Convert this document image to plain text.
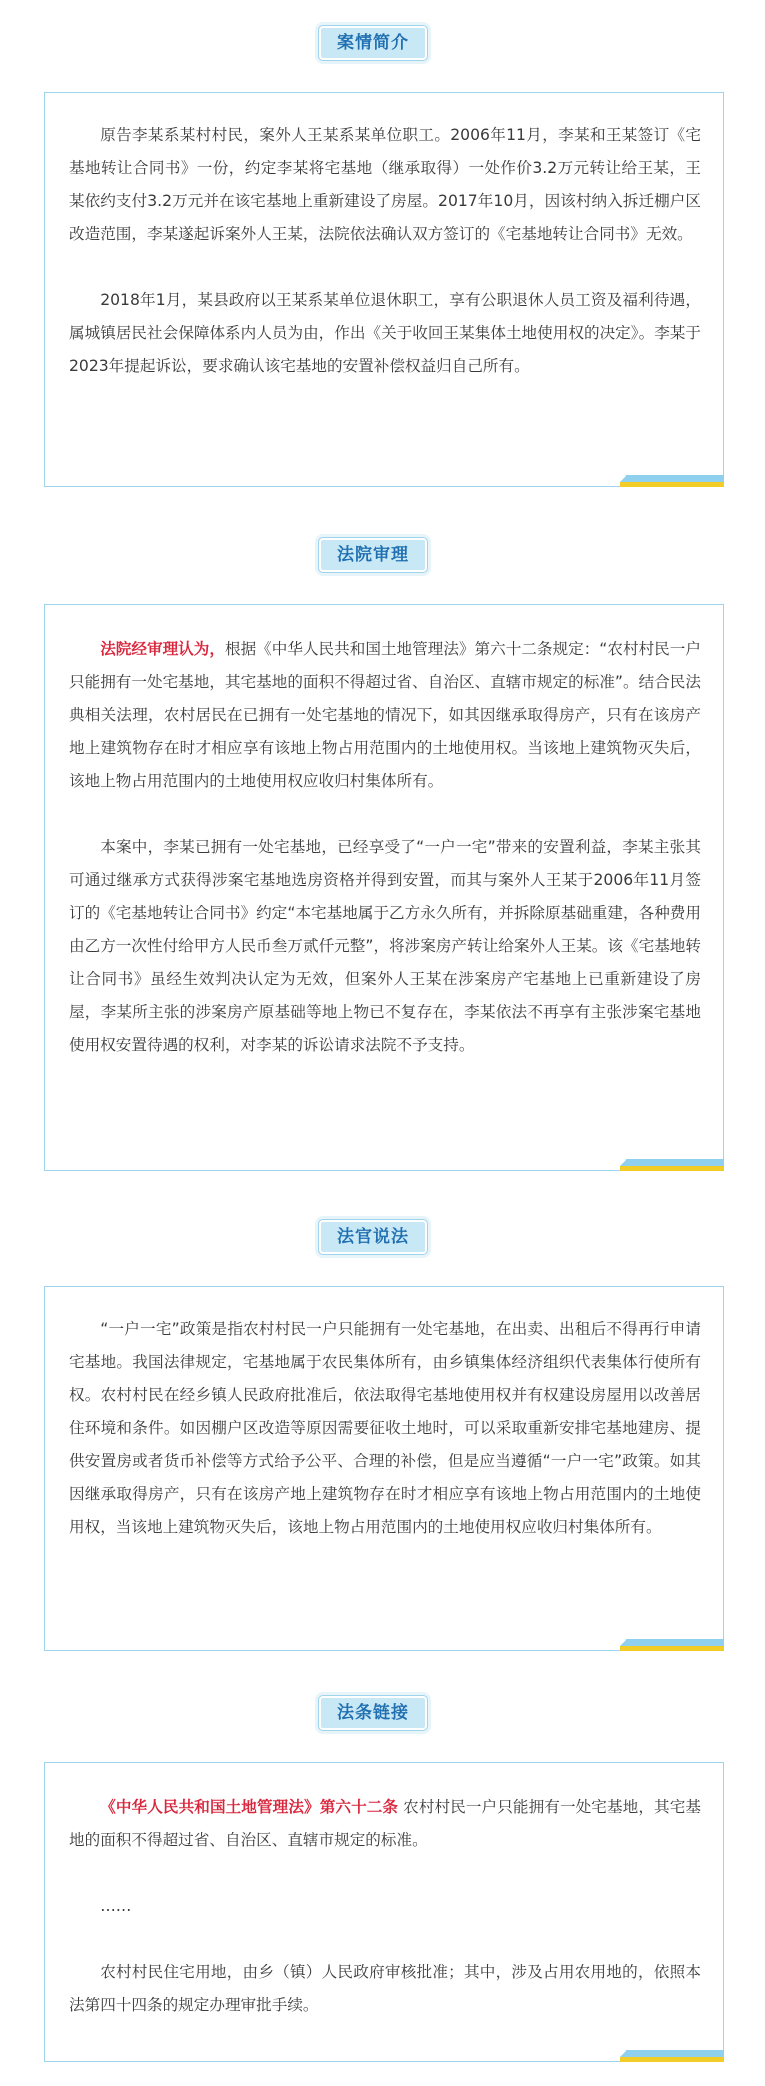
案情简介

原告李某系某村村民，案外人王某系某单位职工。2006年11月，李某和王某签订《宅基地转让合同书》一份，约定李某将宅基地（继承取得）一处作价3.2万元转让给王某，王某依约支付3.2万元并在该宅基地上重新建设了房屋。2017年10月，因该村纳入拆迁棚户区改造范围，李某遂起诉案外人王某，法院依法确认双方签订的《宅基地转让合同书》无效。

2018年1月，某县政府以王某系某单位退休职工，享有公职退休人员工资及福利待遇，属城镇居民社会保障体系内人员为由，作出《关于收回王某集体土地使用权的决定》。李某于2023年提起诉讼，要求确认该宅基地的安置补偿权益归自己所有。

法院审理

法院经审理认为，根据《中华人民共和国土地管理法》第六十二条规定：“农村村民一户只能拥有一处宅基地，其宅基地的面积不得超过省、自治区、直辖市规定的标准”。结合民法典相关法理，农村居民在已拥有一处宅基地的情况下，如其因继承取得房产，只有在该房产地上建筑物存在时才相应享有该地上物占用范围内的土地使用权。当该地上建筑物灭失后，该地上物占用范围内的土地使用权应收归村集体所有。

本案中，李某已拥有一处宅基地，已经享受了“一户一宅”带来的安置利益，李某主张其可通过继承方式获得涉案宅基地选房资格并得到安置，而其与案外人王某于2006年11月签订的《宅基地转让合同书》约定“本宅基地属于乙方永久所有，并拆除原基础重建，各种费用由乙方一次性付给甲方人民币叁万贰仟元整”，将涉案房产转让给案外人王某。该《宅基地转让合同书》虽经生效判决认定为无效，但案外人王某在涉案房产宅基地上已重新建设了房屋，李某所主张的涉案房产原基础等地上物已不复存在，李某依法不再享有主张涉案宅基地使用权安置待遇的权利，对李某的诉讼请求法院不予支持。

法官说法

“一户一宅”政策是指农村村民一户只能拥有一处宅基地，在出卖、出租后不得再行申请宅基地。我国法律规定，宅基地属于农民集体所有，由乡镇集体经济组织代表集体行使所有权。农村村民在经乡镇人民政府批准后，依法取得宅基地使用权并有权建设房屋用以改善居住环境和条件。如因棚户区改造等原因需要征收土地时，可以采取重新安排宅基地建房、提供安置房或者货币补偿等方式给予公平、合理的补偿，但是应当遵循“一户一宅”政策。如其因继承取得房产，只有在该房产地上建筑物存在时才相应享有该地上物占用范围内的土地使用权，当该地上建筑物灭失后，该地上物占用范围内的土地使用权应收归村集体所有。

法条链接

《中华人民共和国土地管理法》第六十二条 农村村民一户只能拥有一处宅基地，其宅基地的面积不得超过省、自治区、直辖市规定的标准。

……

农村村民住宅用地，由乡（镇）人民政府审核批准；其中，涉及占用农用地的，依照本法第四十四条的规定办理审批手续。
